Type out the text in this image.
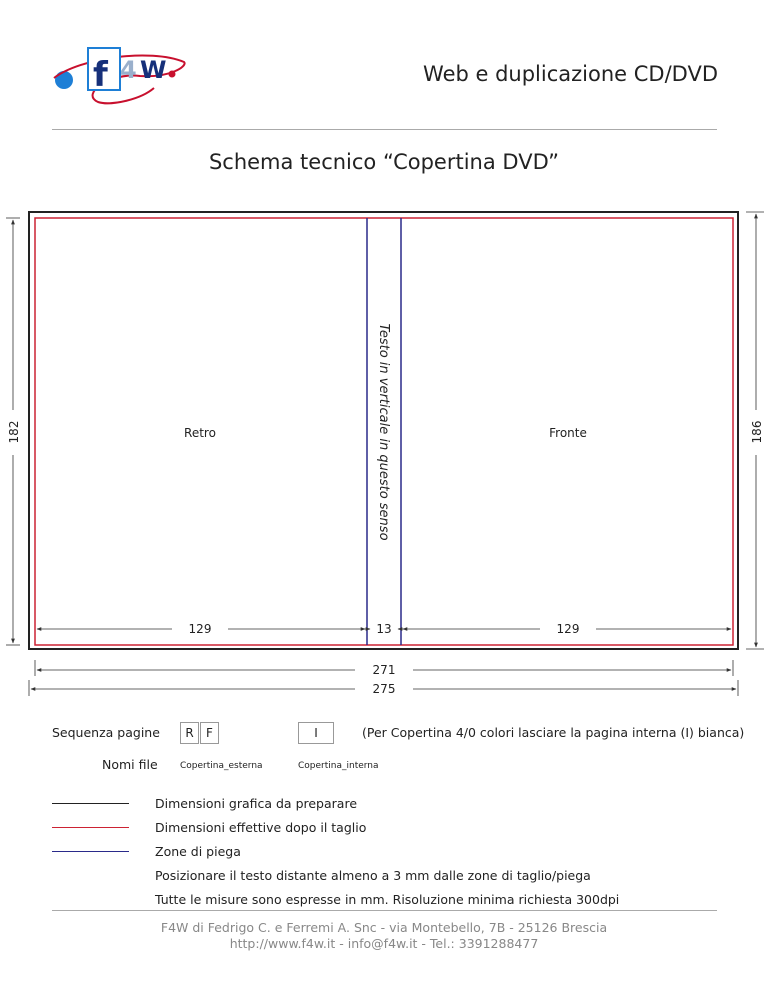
f 4 W	Web e duplicazione CD/DVD
Schema tecnico “Copertina DVD”
Retro	Fronte
Testo in verticale in questo senso
129	13	129
271
275
182	186
Sequenza pagine	R	F	I	(Per Copertina 4/0 colori lasciare la pagina interna (I) bianca)
Nomi file Copertina_esterna	Copertina_interna
Dimensioni grafica da preparare
Dimensioni effettive dopo il taglio
Zone di piega
Posizionare il testo distante almeno a 3 mm dalle zone di taglio/piega
Tutte le misure sono espresse in mm. Risoluzione minima richiesta 300dpi
F4W di Fedrigo C. e Ferremi A. Snc - via Montebello, 7B - 25126 Brescia
http://www.f4w.it - info@f4w.it - Tel.: 3391288477
